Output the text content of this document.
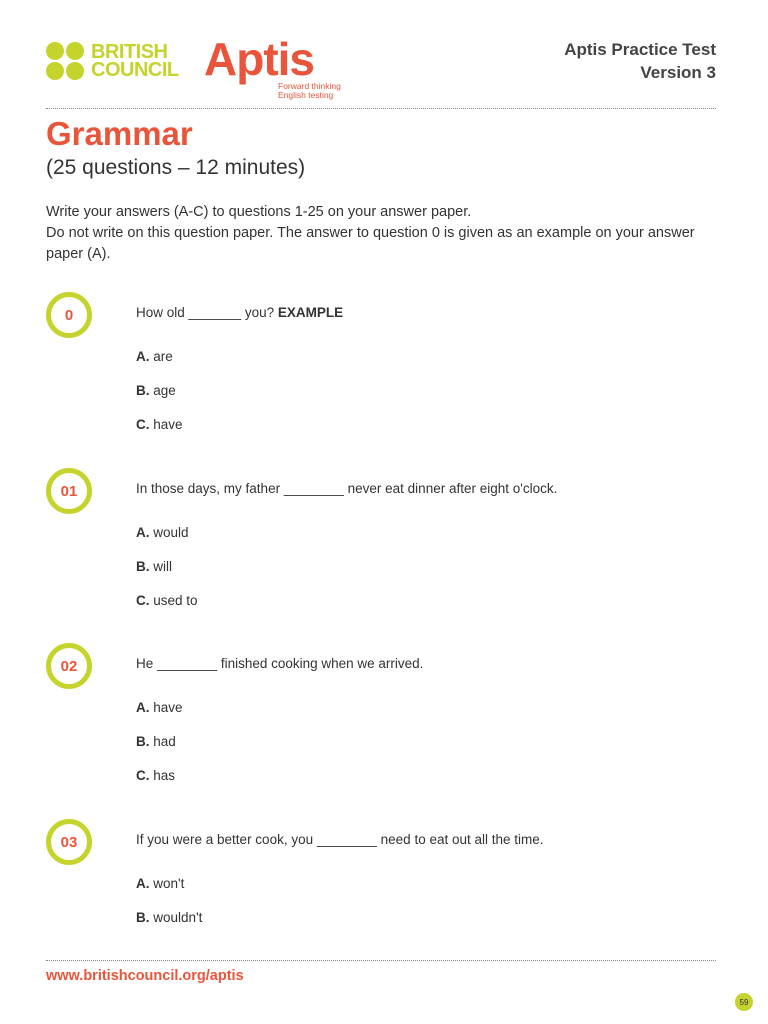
BRITISH
COUNCIL Aptis
Forward thinking
English testing
Aptis Practice Test
Version 3
Grammar
(25 questions – 12 minutes)

Write your answers (A-C) to questions 1-25 on your answer paper.

Do not write on this question paper. The answer to question 0 is given as an example on your answer paper (A).

0	How old _______ you? EXAMPLE
A. are
B. age
C. have
01	In those days, my father ________ never eat dinner after eight o'clock.
A. would
B. will
C. used to
02	He ________ finished cooking when we arrived.
A. have
B. had
C. has
03	If you were a better cook, you ________ need to eat out all the time.
A. won't
B. wouldn't
www.britishcouncil.org/aptis
59
